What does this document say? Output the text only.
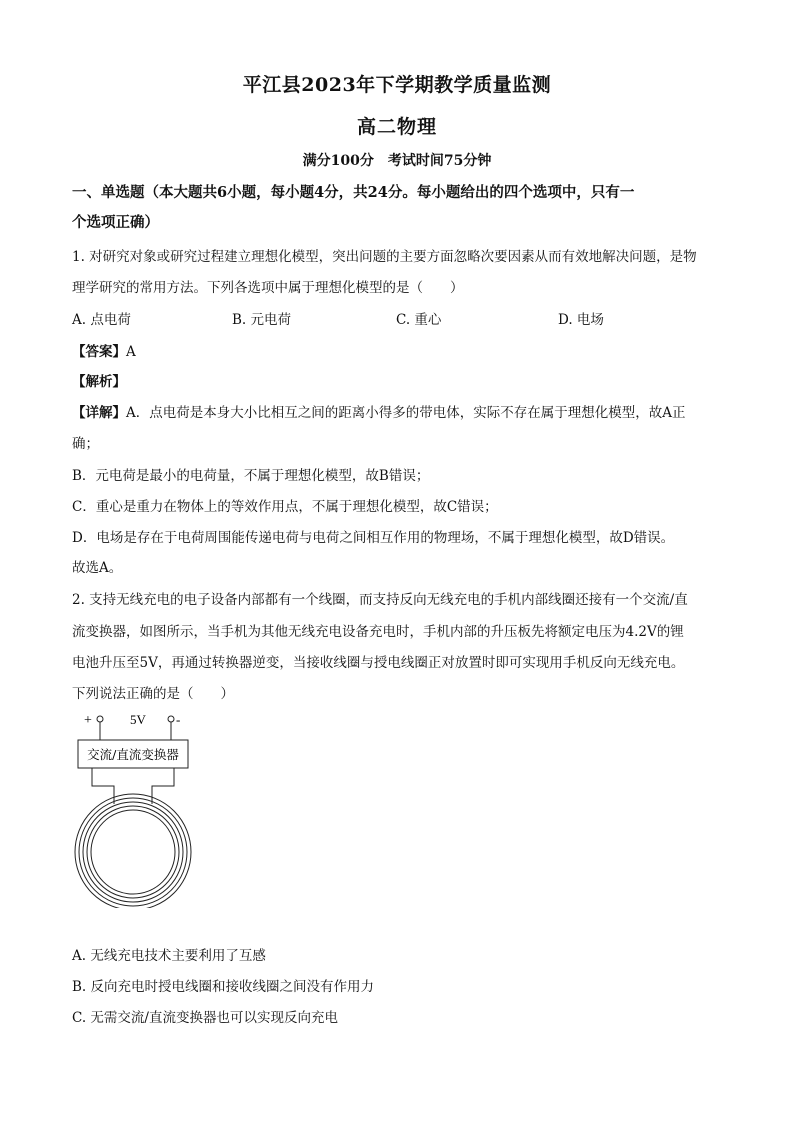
平江县2023年下学期教学质量监测
高二物理
满分100分　考试时间75分钟
一、单选题（本大题共6小题，每小题4分，共24分。每小题给出的四个选项中，只有一
个选项正确）
1. 对研究对象或研究过程建立理想化模型，突出问题的主要方面忽略次要因素从而有效地解决问题，是物
理学研究的常用方法。下列各选项中属于理想化模型的是（　　）
A. 点电荷	B. 元电荷	C. 重心	D. 电场
【答案】A
【解析】
【详解】A．点电荷是本身大小比相互之间的距离小得多的带电体，实际不存在属于理想化模型，故A正
确；
B．元电荷是最小的电荷量，不属于理想化模型，故B错误；
C．重心是重力在物体上的等效作用点，不属于理想化模型，故C错误；
D．电场是存在于电荷周围能传递电荷与电荷之间相互作用的物理场，不属于理想化模型，故D错误。
故选A。
2. 支持无线充电的电子设备内部都有一个线圈，而支持反向无线充电的手机内部线圈还接有一个交流/直
流变换器，如图所示，当手机为其他无线充电设备充电时，手机内部的升压板先将额定电压为4.2V的锂
电池升压至5V，再通过转换器逆变，当接收线圈与授电线圈正对放置时即可实现用手机反向无线充电。
下列说法正确的是（　　）
+	5V -
交流/直流变换器
A. 无线充电技术主要利用了互感
B. 反向充电时授电线圈和接收线圈之间没有作用力
C. 无需交流/直流变换器也可以实现反向充电
